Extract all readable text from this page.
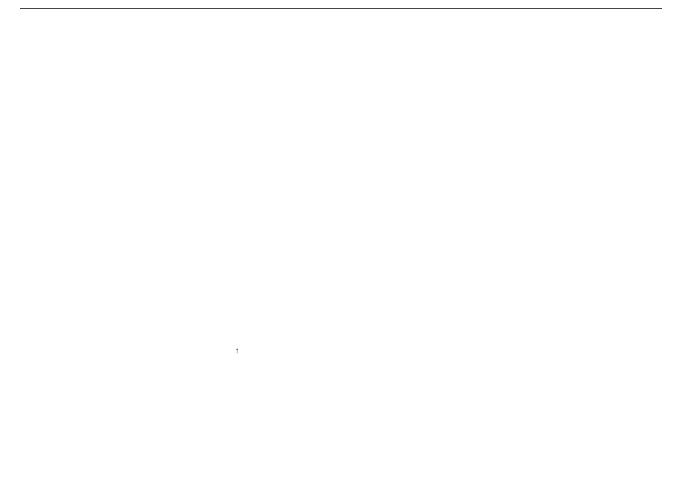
↑
